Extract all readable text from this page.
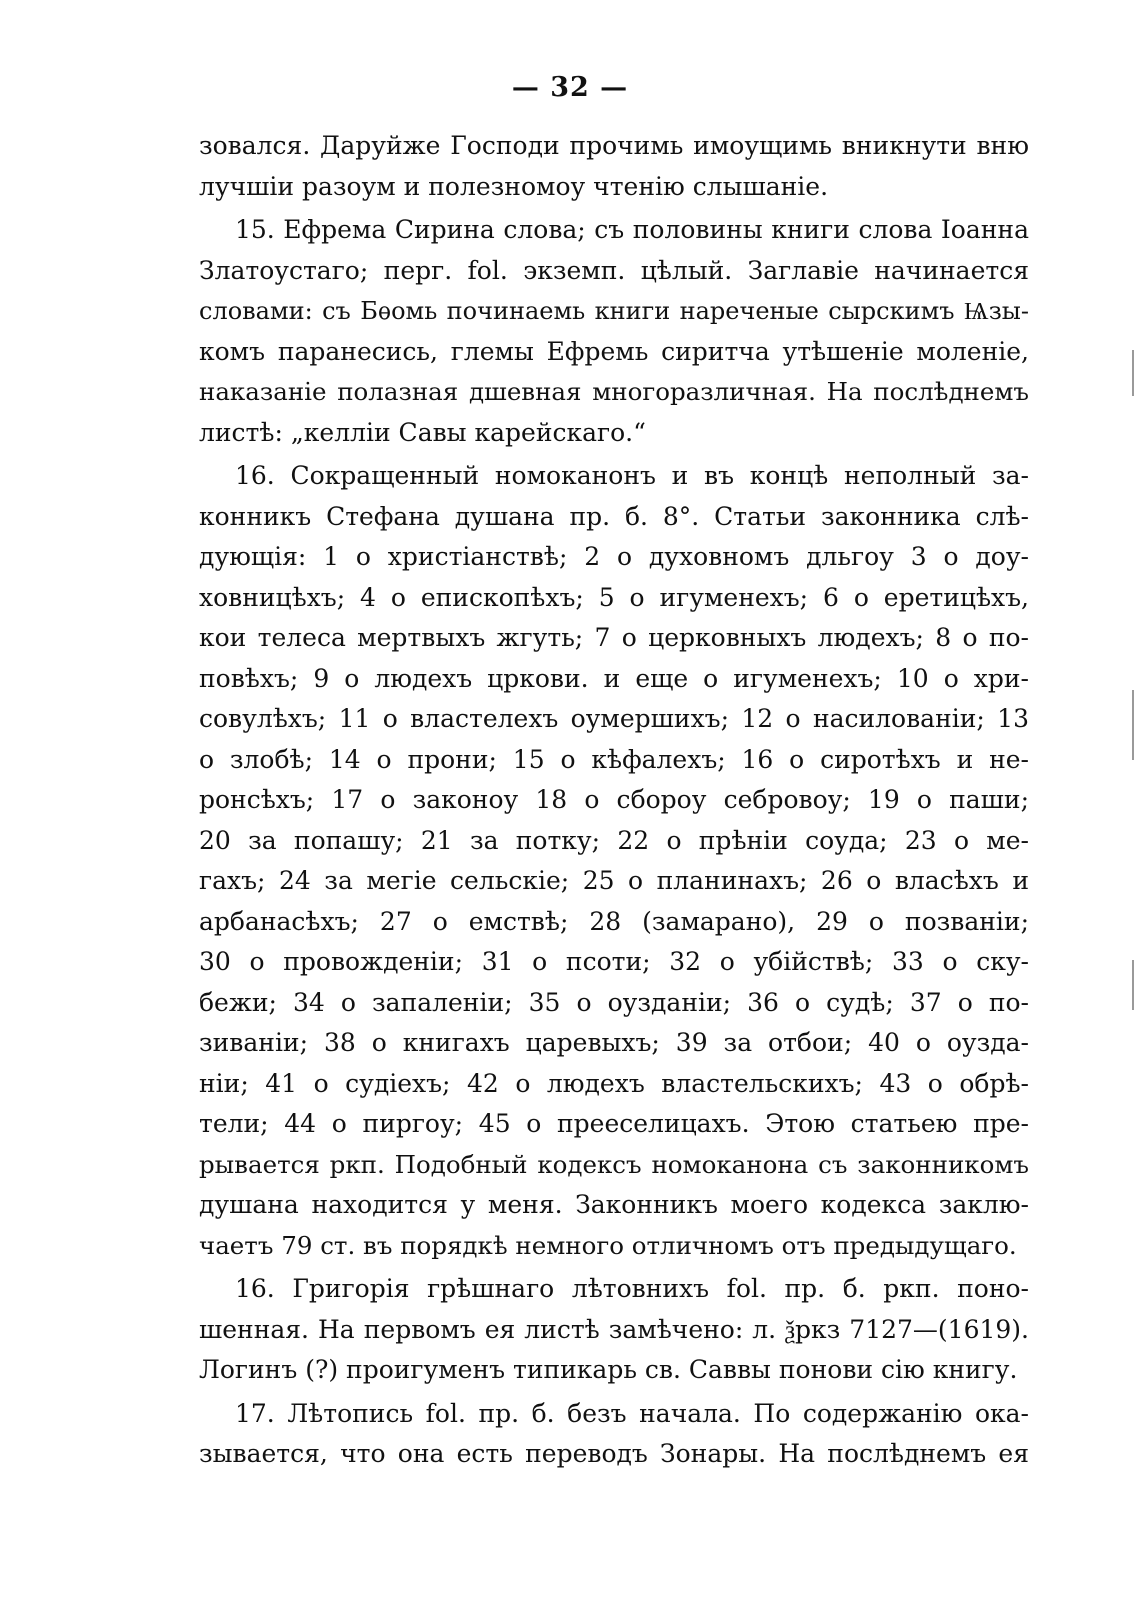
— 32 —
зовался. Даруйже Господи прочимь имоущимь вникнути вню
лучшіи разоум и полезномоу чтенію слышаніе.
15. Ефрема Сирина слова; съ половины книги слова Іоанна
Златоустаго; перг. fol. экземп. цѣлый. Заглавіе начинается
словами: съ Бѳомь починаемь книги нареченые сырскимъ Ѩзы-
комъ паранесись, глемы Ефремь сиритча утѣшеніе моленіе,
наказаніе полазная дшевная многоразличная. На послѣднемъ
листѣ: „келліи Савы карейскаго.“
16. Сокращенный номоканонъ и въ концѣ неполный за-
конникъ Стефана душана пр. б. 8°. Статьи законника слѣ-
дующія: 1 о христіанствѣ; 2 о духовномъ дльгоу 3 о доу-
ховницѣхъ; 4 о епископѣхъ; 5 о игуменехъ; 6 о еретицѣхъ,
кои телеса мертвыхъ жгуть; 7 о церковныхъ людехъ; 8 о по-
повѣхъ; 9 о людехъ цркови. и еще о игуменехъ; 10 о хри-
совулѣхъ; 11 о властелехъ оумершихъ; 12 о насилованіи; 13
о злобѣ; 14 о прони; 15 о кѣфалехъ; 16 о сиротѣхъ и не-
ронсѣхъ; 17 о законоу 18 о сбороу себровоу; 19 о паши;
20 за попашу; 21 за потку; 22 о прѣніи соуда; 23 о ме-
гахъ; 24 за мегіе сельскіе; 25 о планинахъ; 26 о власѣхъ и
арбанасѣхъ; 27 о емствѣ; 28 (замарано), 29 о позваніи;
30 о провожденіи; 31 о псоти; 32 о убійствѣ; 33 о ску-
бежи; 34 о запаленіи; 35 о оузданіи; 36 о судѣ; 37 о по-
зиваніи; 38 о книгахъ царевыхъ; 39 за отбои; 40 о оузда-
ніи; 41 о судіехъ; 42 о людехъ властельскихъ; 43 о обрѣ-
тели; 44 о пиргоу; 45 о прееселицахъ. Этою статьею пре-
рывается ркп. Подобный кодексъ номоканона съ законникомъ
душана находится у меня. Законникъ моего кодекса заклю-
чаетъ 79 ст. въ порядкѣ немного отличномъ отъ предыдущаго.
16. Григорія грѣшнаго лѣтовнихъ fol. пр. б. ркп. поно-
шенная. На первомъ ея листѣ замѣчено: л. ѯркз 7127—(1619).
Логинъ (?) проигуменъ типикарь св. Саввы понови сію книгу.
17. Лѣтопись fol. пр. б. безъ начала. По содержанію ока-
зывается, что она есть переводъ Зонары. На послѣднемъ ея
